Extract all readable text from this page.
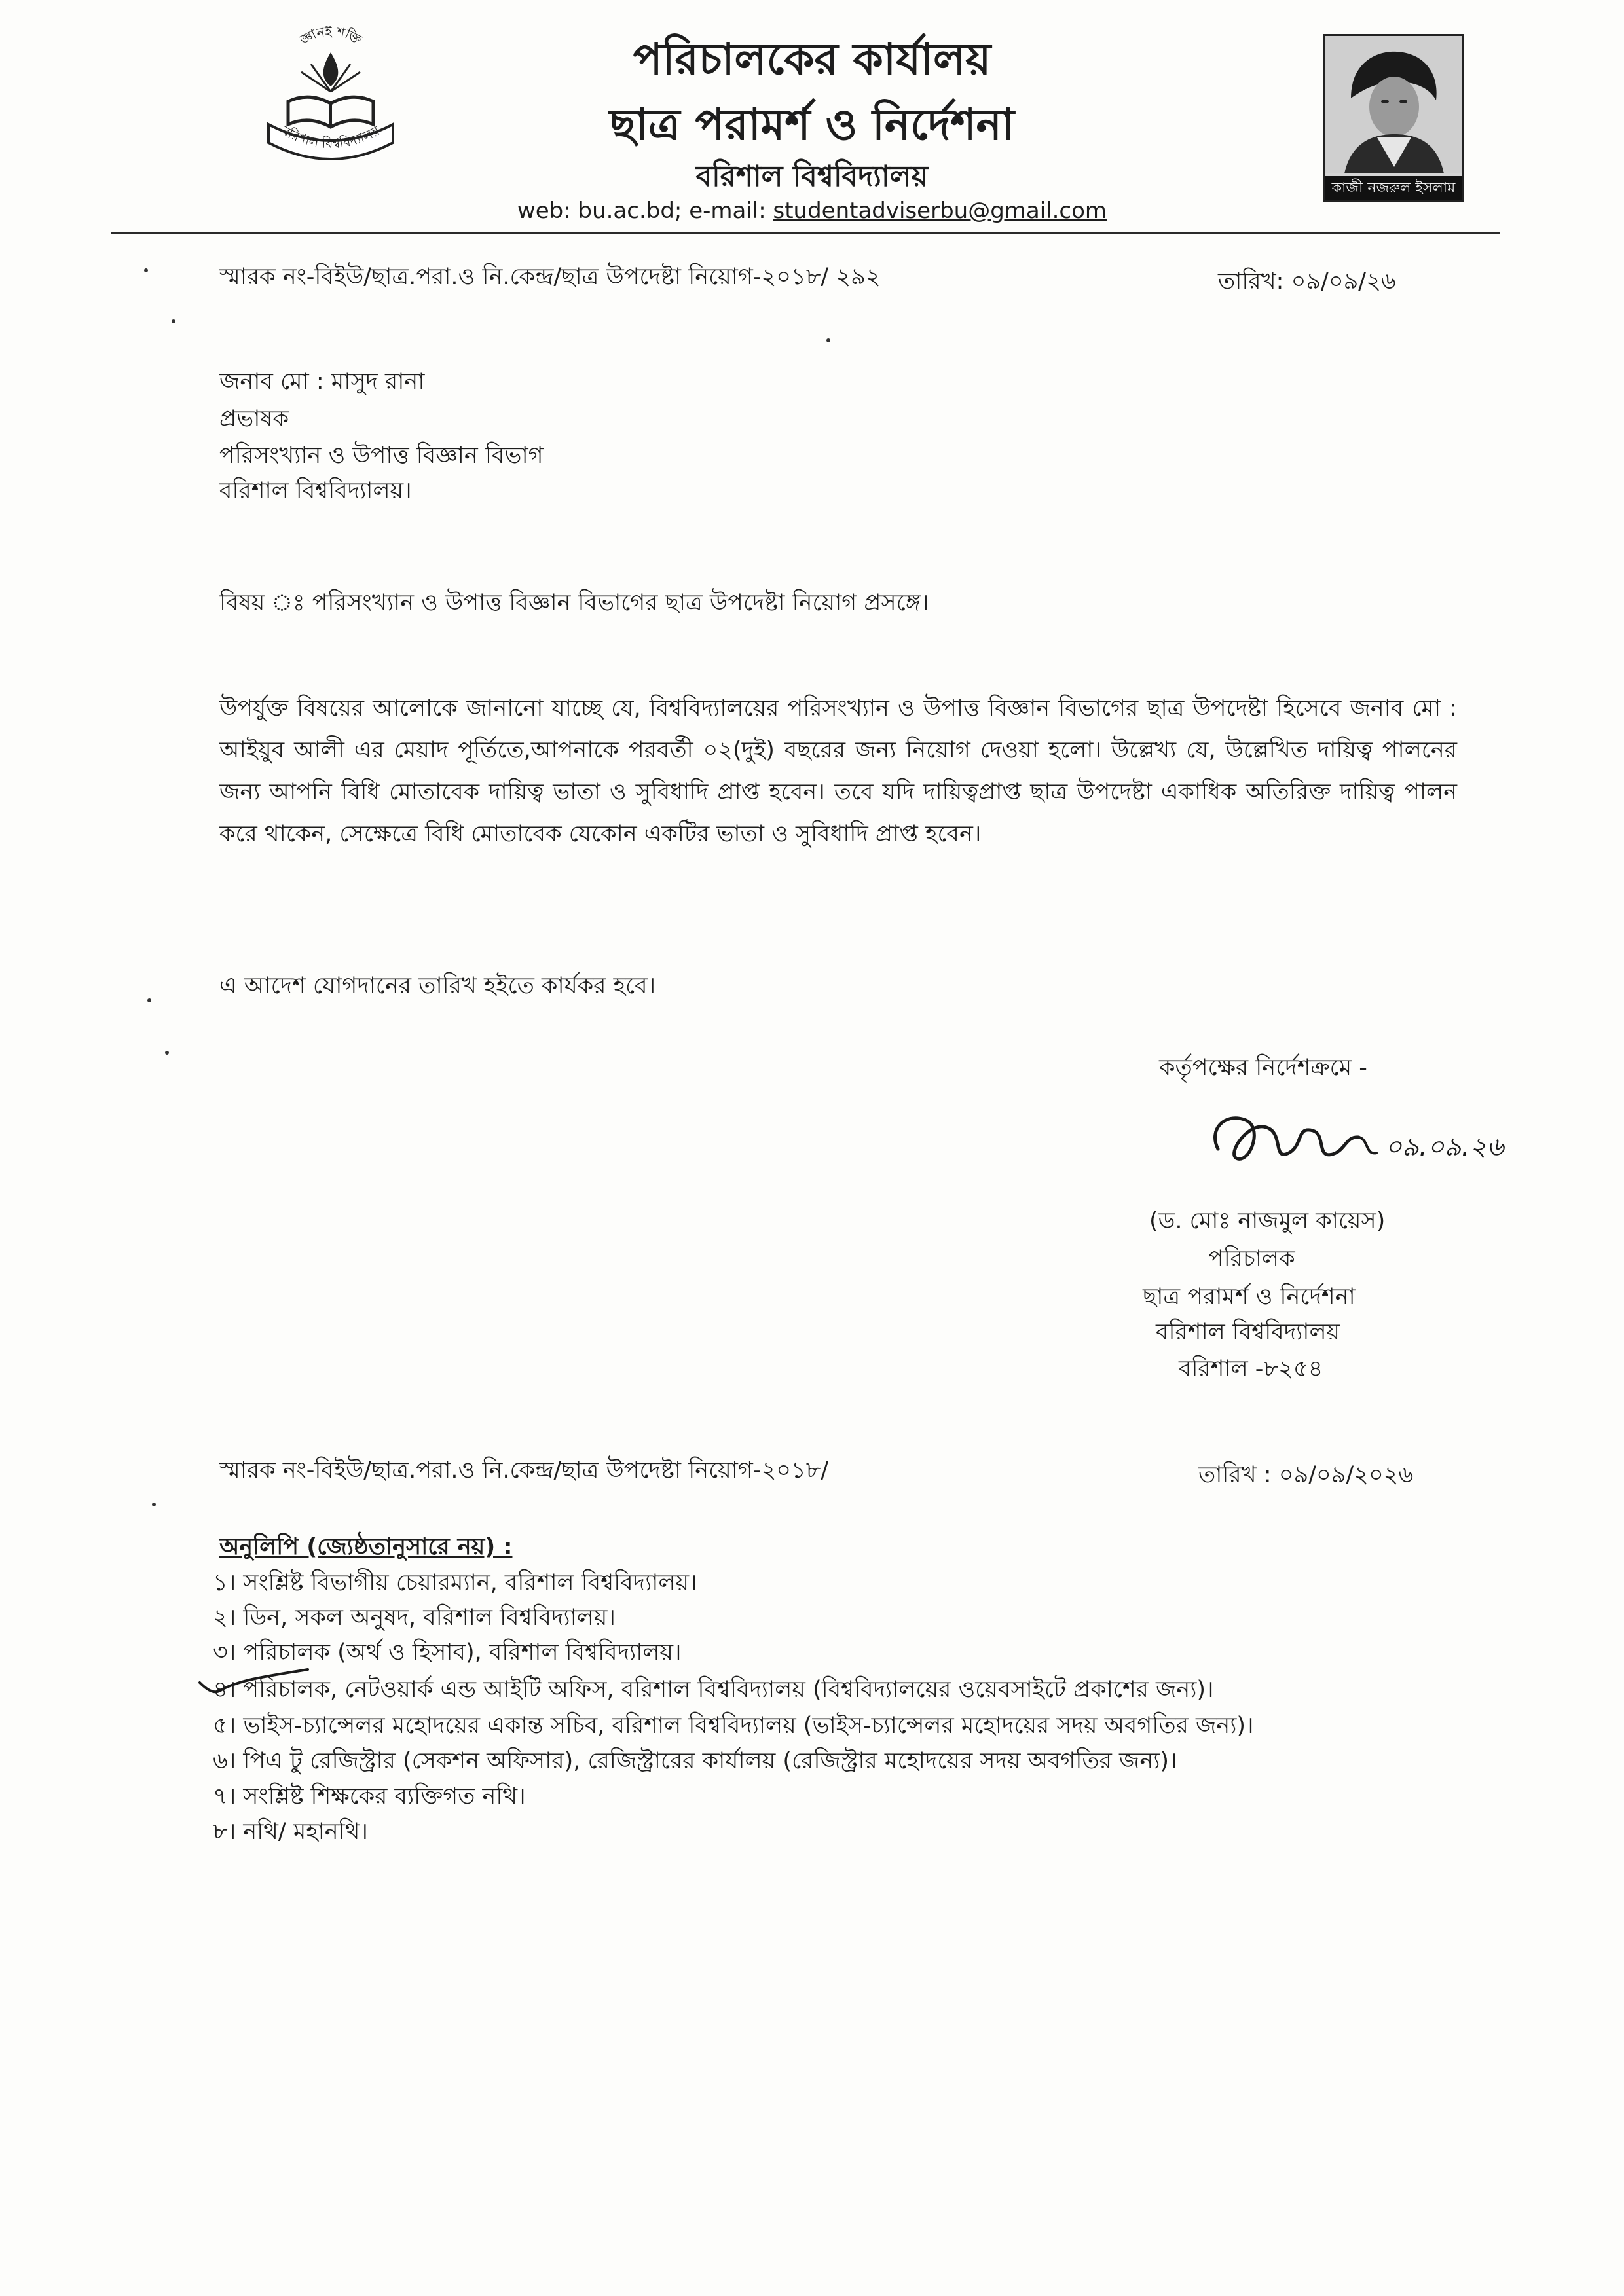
জ্ঞানই শক্তি
বরিশাল বিশ্ববিদ্যালয়
পরিচালকের কার্যালয়
ছাত্র পরামর্শ ও নির্দেশনা
বরিশাল বিশ্ববিদ্যালয়
web: bu.ac.bd; e-mail: studentadviserbu@gmail.com
কাজী নজরুল ইসলাম
স্মারক নং-বিইউ/ছাত্র.পরা.ও নি.কেন্দ্র/ছাত্র উপদেষ্টা নিয়োগ-২০১৮/ ২৯২	তারিখ: ০৯/০৯/২৬
জনাব মো : মাসুদ রানা
প্রভাষক
পরিসংখ্যান ও উপাত্ত বিজ্ঞান বিভাগ
বরিশাল বিশ্ববিদ্যালয়।
বিষয় ঃ পরিসংখ্যান ও উপাত্ত বিজ্ঞান বিভাগের ছাত্র উপদেষ্টা নিয়োগ প্রসঙ্গে।
উপর্যুক্ত বিষয়ের আলোকে জানানো যাচ্ছে যে, বিশ্ববিদ্যালয়ের পরিসংখ্যান ও উপাত্ত বিজ্ঞান বিভাগের ছাত্র উপদেষ্টা হিসেবে জনাব মো : আইয়ুব আলী এর মেয়াদ পূর্তিতে,আপনাকে পরবর্তী ০২(দুই) বছরের জন্য নিয়োগ দেওয়া হলো। উল্লেখ্য যে, উল্লেখিত দায়িত্ব পালনের জন্য আপনি বিধি মোতাবেক দায়িত্ব ভাতা ও সুবিধাদি প্রাপ্ত হবেন। তবে যদি দায়িত্বপ্রাপ্ত ছাত্র উপদেষ্টা একাধিক অতিরিক্ত দায়িত্ব পালন করে থাকেন, সেক্ষেত্রে বিধি মোতাবেক যেকোন একটির ভাতা ও সুবিধাদি প্রাপ্ত হবেন।
এ আদেশ যোগদানের তারিখ হইতে কার্যকর হবে।
কর্তৃপক্ষের নির্দেশক্রমে -
০৯.০৯.২৬
(ড. মোঃ নাজমুল কায়েস)
পরিচালক
ছাত্র পরামর্শ ও নির্দেশনা
বরিশাল বিশ্ববিদ্যালয়
বরিশাল -৮২৫৪
স্মারক নং-বিইউ/ছাত্র.পরা.ও নি.কেন্দ্র/ছাত্র উপদেষ্টা নিয়োগ-২০১৮/	তারিখ : ০৯/০৯/২০২৬
অনুলিপি (জ্যেষ্ঠতানুসারে নয়) :
১। সংশ্লিষ্ট বিভাগীয় চেয়ারম্যান, বরিশাল বিশ্ববিদ্যালয়।
২। ডিন, সকল অনুষদ, বরিশাল বিশ্ববিদ্যালয়।
৩। পরিচালক (অর্থ ও হিসাব), বরিশাল বিশ্ববিদ্যালয়।
৪। পরিচালক, নেটওয়ার্ক এন্ড আইটি অফিস, বরিশাল বিশ্ববিদ্যালয় (বিশ্ববিদ্যালয়ের ওয়েবসাইটে প্রকাশের জন্য)।
৫। ভাইস-চ্যান্সেলর মহোদয়ের একান্ত সচিব, বরিশাল বিশ্ববিদ্যালয় (ভাইস-চ্যান্সেলর মহোদয়ের সদয় অবগতির জন্য)।
৬। পিএ টু রেজিস্ট্রার (সেকশন অফিসার), রেজিস্ট্রারের কার্যালয় (রেজিস্ট্রার মহোদয়ের সদয় অবগতির জন্য)।
৭। সংশ্লিষ্ট শিক্ষকের ব্যক্তিগত নথি।
৮। নথি/ মহানথি।
